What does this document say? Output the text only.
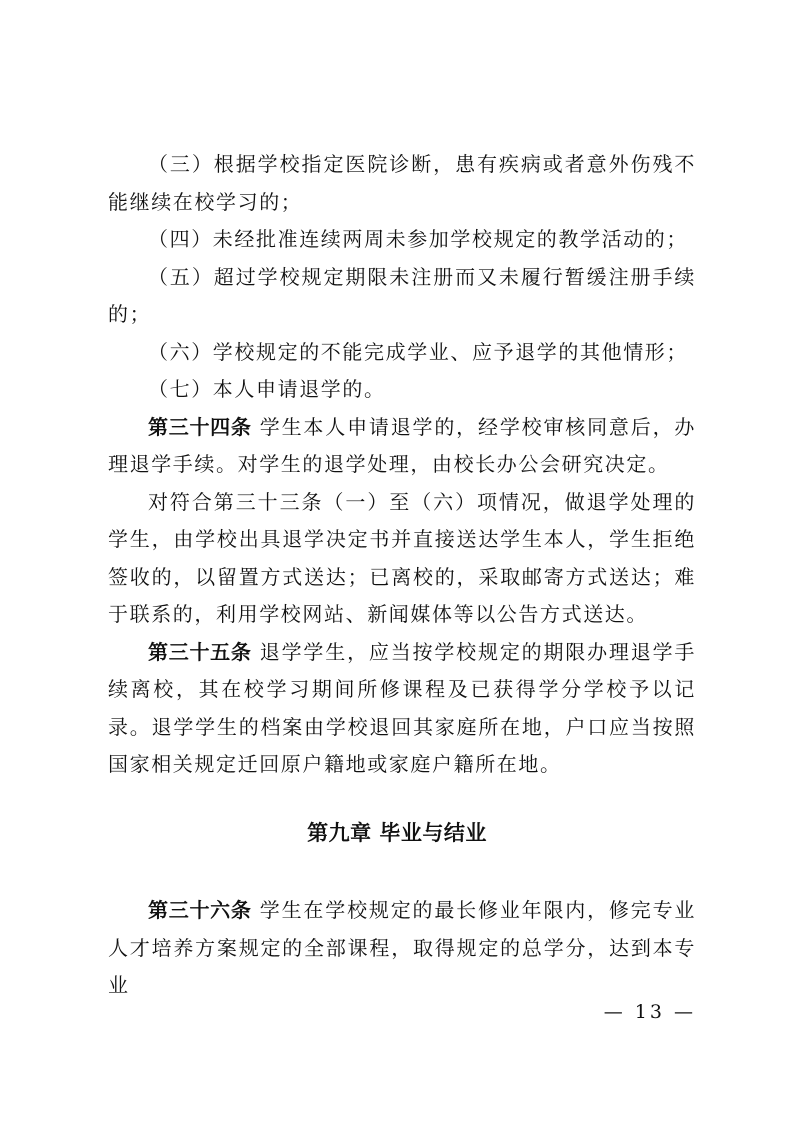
（三）根据学校指定医院诊断，患有疾病或者意外伤残不能继续在校学习的；

（四）未经批准连续两周未参加学校规定的教学活动的；

（五）超过学校规定期限未注册而又未履行暂缓注册手续的；

（六）学校规定的不能完成学业、应予退学的其他情形；

（七）本人申请退学的。

第三十四条 学生本人申请退学的，经学校审核同意后，办理退学手续。对学生的退学处理，由校长办公会研究决定。

对符合第三十三条（一）至（六）项情况，做退学处理的学生，由学校出具退学决定书并直接送达学生本人，学生拒绝签收的，以留置方式送达；已离校的，采取邮寄方式送达；难于联系的，利用学校网站、新闻媒体等以公告方式送达。

第三十五条 退学学生，应当按学校规定的期限办理退学手续离校，其在校学习期间所修课程及已获得学分学校予以记录。退学学生的档案由学校退回其家庭所在地，户口应当按照国家相关规定迁回原户籍地或家庭户籍所在地。

第九章 毕业与结业

第三十六条 学生在学校规定的最长修业年限内，修完专业人才培养方案规定的全部课程，取得规定的总学分，达到本专业

— 13 —
